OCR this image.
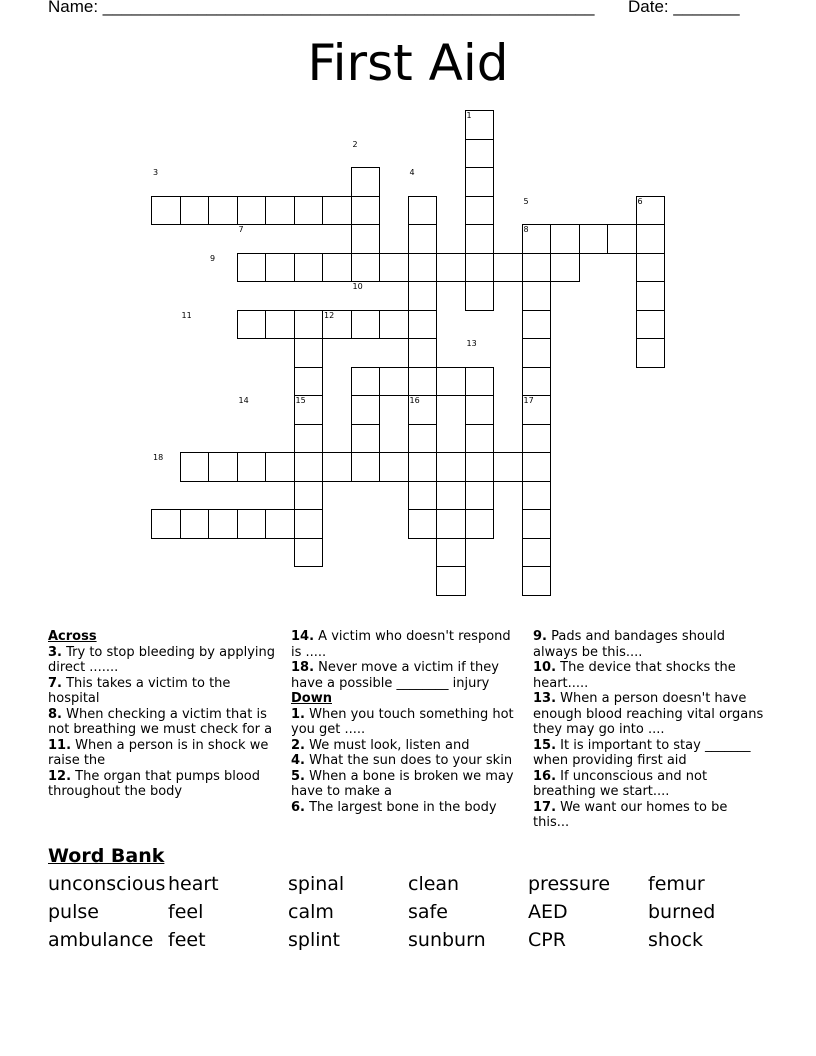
Name: ____________________________________________________ Date: _______
First Aid
1
2
3	4
5	6
7	8
9
10
11	12
13
14	15	16	17
18
Across

3. Try to stop bleeding by applying direct .......

7. This takes a victim to the hospital

8. When checking a victim that is not breathing we must check for a

11. When a person is in shock we raise the

12. The organ that pumps blood throughout the body

14. A victim who doesn't respond is .....

18. Never move a victim if they have a possible ________ injury

Down

1. When you touch something hot you get .....

2. We must look, listen and

4. What the sun does to your skin

5. When a bone is broken we may have to make a

6. The largest bone in the body

9. Pads and bandages should always be this....

10. The device that shocks the heart.....

13. When a person doesn't have enough blood reaching vital organs they may go into ....

15. It is important to stay _______ when providing first aid

16. If unconscious and not breathing we start....

17. We want our homes to be this...

Word Bank
unconscious heart	spinal	clean	pressure femur
pulse	feel	calm	safe	AED	burned
ambulance feet	splint	sunburn CPR	shock
